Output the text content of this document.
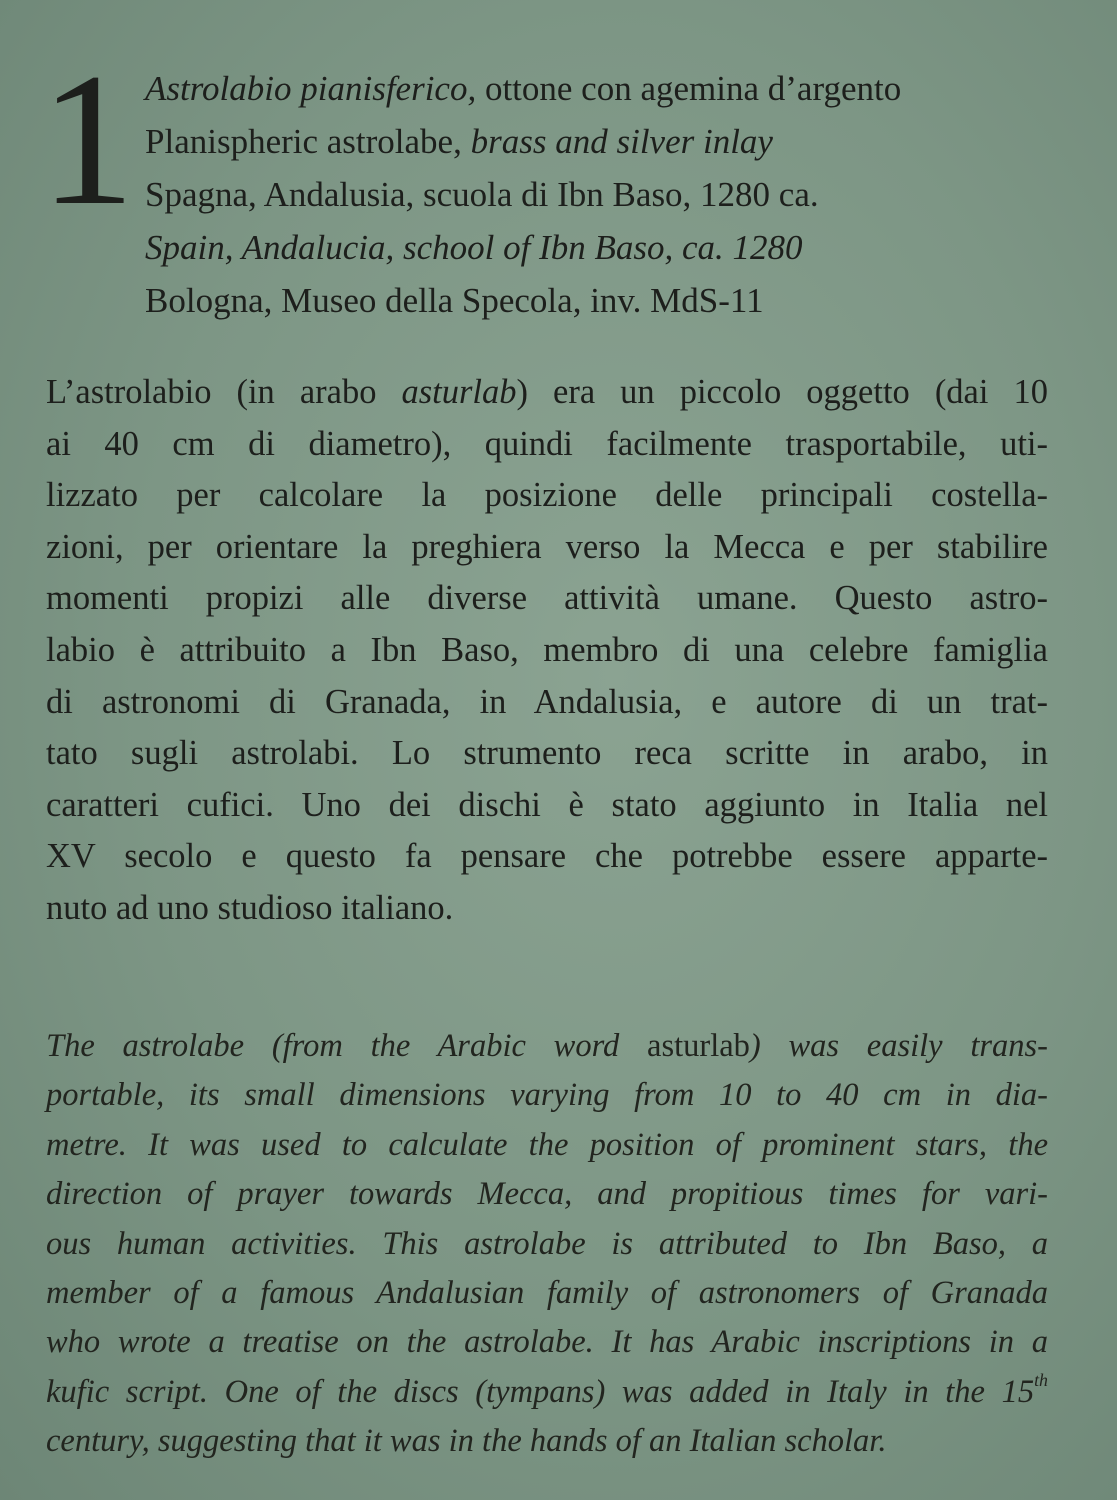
1 Astrolabio pianisferico, ottone con agemina d’argento
Planispheric astrolabe, brass and silver inlay
Spagna, Andalusia, scuola di Ibn Baso, 1280 ca.
Spain, Andalucia, school of Ibn Baso, ca. 1280
Bologna, Museo della Specola, inv. MdS-11
L’astrolabio (in arabo asturlab) era un piccolo oggetto (dai 10
ai 40 cm di diametro), quindi facilmente trasportabile, uti-
lizzato per calcolare la posizione delle principali costella-
zioni, per orientare la preghiera verso la Mecca e per stabilire
momenti propizi alle diverse attività umane. Questo astro-
labio è attribuito a Ibn Baso, membro di una celebre famiglia
di astronomi di Granada, in Andalusia, e autore di un trat-
tato sugli astrolabi. Lo strumento reca scritte in arabo, in
caratteri cufici. Uno dei dischi è stato aggiunto in Italia nel
XV secolo e questo fa pensare che potrebbe essere apparte-
nuto ad uno studioso italiano.
The astrolabe (from the Arabic word asturlab) was easily trans-
portable, its small dimensions varying from 10 to 40 cm in dia-
metre. It was used to calculate the position of prominent stars, the
direction of prayer towards Mecca, and propitious times for vari-
ous human activities. This astrolabe is attributed to Ibn Baso, a
member of a famous Andalusian family of astronomers of Granada
who wrote a treatise on the astrolabe. It has Arabic inscriptions in a
kufic script. One of the discs (tympans) was added in Italy in the 15th
century, suggesting that it was in the hands of an Italian scholar.
